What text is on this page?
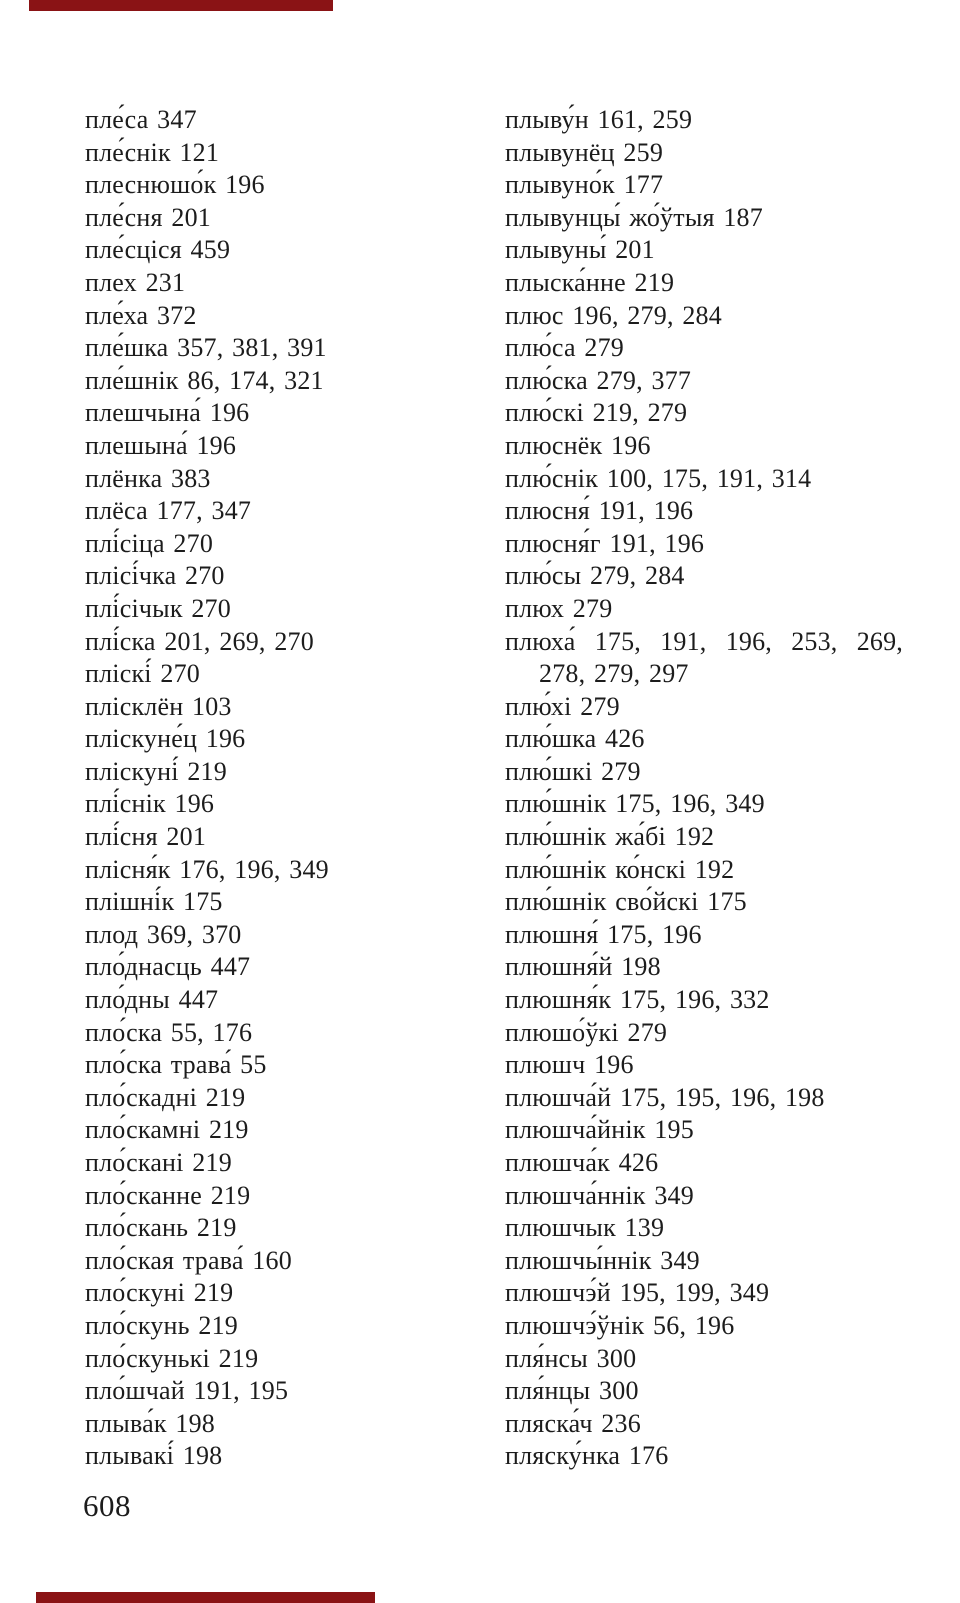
пле́са 347
пле́снік 121
плеснюшо́к 196
пле́сня 201
пле́сціся 459
плех 231
пле́ха 372
пле́шка 357, 381, 391
пле́шнік 86, 174, 321
плешчына́ 196
плешына́ 196
плёнка 383
плёса 177, 347
плі́сіца 270
плісі́чка 270
плі́січык 270
плі́ска 201, 269, 270
пліскі́ 270
плісклён 103
пліскуне́ц 196
пліскуні́ 219
плі́снік 196
плі́сня 201
плісня́к 176, 196, 349
плішні́к 175
плод 369, 370
пло́днасць 447
пло́дны 447
пло́ска 55, 176
пло́ска трава́ 55
пло́скадні 219
пло́скамні 219
пло́скані 219
пло́сканне 219
пло́скань 219
пло́ская трава́ 160
пло́скуні 219
пло́скунь 219
пло́скунькі 219
пло́шчай 191, 195
плыва́к 198
плывакі́ 198
плыву́н 161, 259
плывунёц 259
плывуно́к 177
плывунцы́ жо́ўтыя 187
плывуны́ 201
плыска́нне 219
плюс 196, 279, 284
плю́са 279
плю́ска 279, 377
плю́скі 219, 279
плюснёк 196
плю́снік 100, 175, 191, 314
плюсня́ 191, 196
плюсня́г 191, 196
плю́сы 279, 284
плюх 279
плюха́ 175, 191, 196, 253, 269, 278, 279, 297
плю́хі 279
плю́шка 426
плю́шкі 279
плю́шнік 175, 196, 349
плю́шнік жа́бі 192
плю́шнік ко́нскі 192
плю́шнік сво́йскі 175
плюшня́ 175, 196
плюшня́й 198
плюшня́к 175, 196, 332
плюшо́ўкі 279
плюшч 196
плюшча́й 175, 195, 196, 198
плюшча́йнік 195
плюшча́к 426
плюшча́ннік 349
плюшчык 139
плюшчы́ннік 349
плюшчэ́й 195, 199, 349
плюшчэ́ўнік 56, 196
пля́нсы 300
пля́нцы 300
пляска́ч 236
пляску́нка 176
608
